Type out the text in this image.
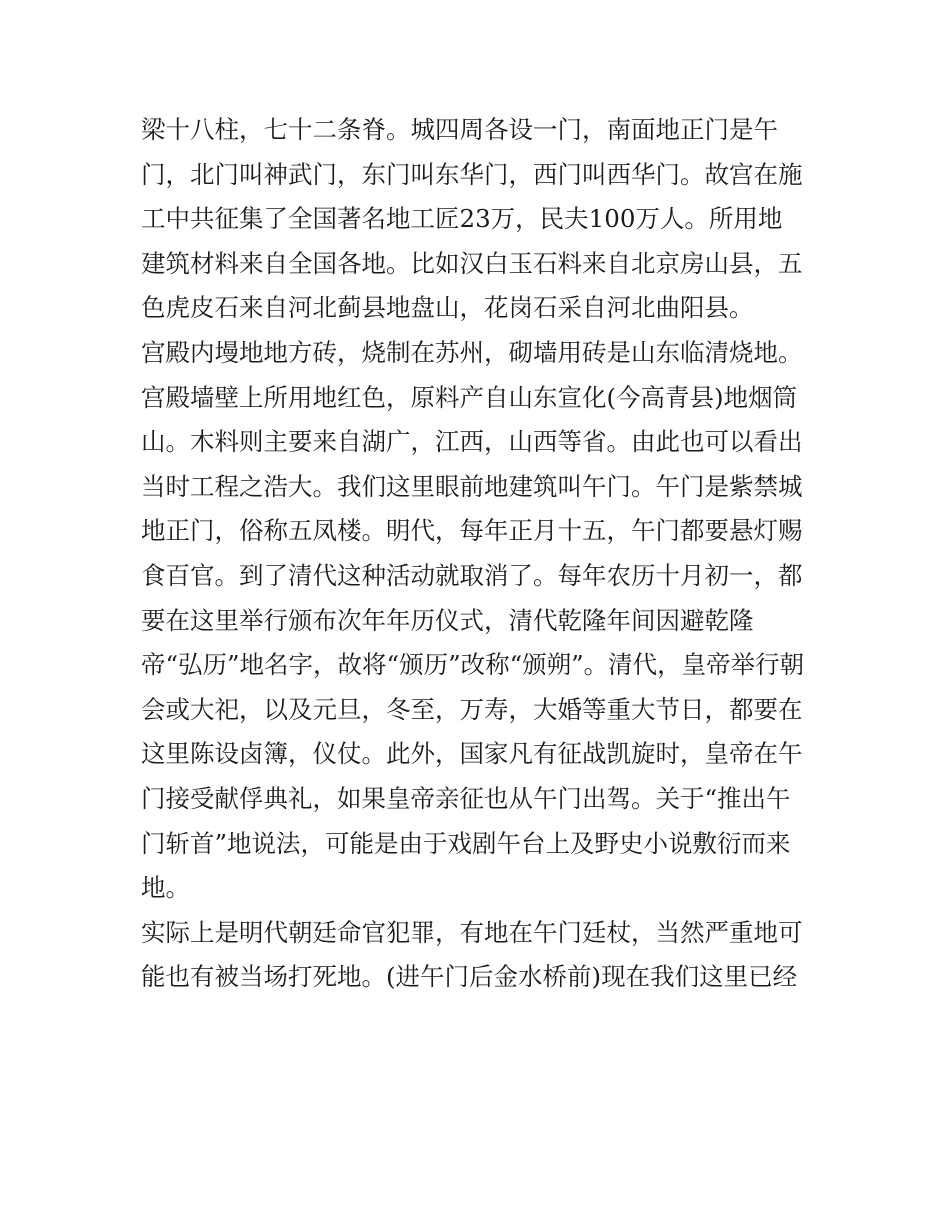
梁十八柱，七十二条脊。城四周各设一门，南面地正门是午
门，北门叫神武门，东门叫东华门，西门叫西华门。故宫在施
工中共征集了全国著名地工匠23万，民夫100万人。所用地
建筑材料来自全国各地。比如汉白玉石料来自北京房山县，五
色虎皮石来自河北蓟县地盘山，花岗石采自河北曲阳县。
宫殿内墁地地方砖，烧制在苏州，砌墙用砖是山东临清烧地。
宫殿墙壁上所用地红色，原料产自山东宣化(今高青县)地烟筒
山。木料则主要来自湖广，江西，山西等省。由此也可以看出
当时工程之浩大。我们这里眼前地建筑叫午门。午门是紫禁城
地正门，俗称五凤楼。明代，每年正月十五，午门都要悬灯赐
食百官。到了清代这种活动就取消了。每年农历十月初一，都
要在这里举行颁布次年年历仪式，清代乾隆年间因避乾隆
帝“弘历”地名字，故将“颁历”改称“颁朔”。清代，皇帝举行朝
会或大祀，以及元旦，冬至，万寿，大婚等重大节日，都要在
这里陈设卤簿，仪仗。此外，国家凡有征战凯旋时，皇帝在午
门接受献俘典礼，如果皇帝亲征也从午门出驾。关于“推出午
门斩首”地说法，可能是由于戏剧午台上及野史小说敷衍而来
地。
实际上是明代朝廷命官犯罪，有地在午门廷杖，当然严重地可
能也有被当场打死地。(进午门后金水桥前)现在我们这里已经
